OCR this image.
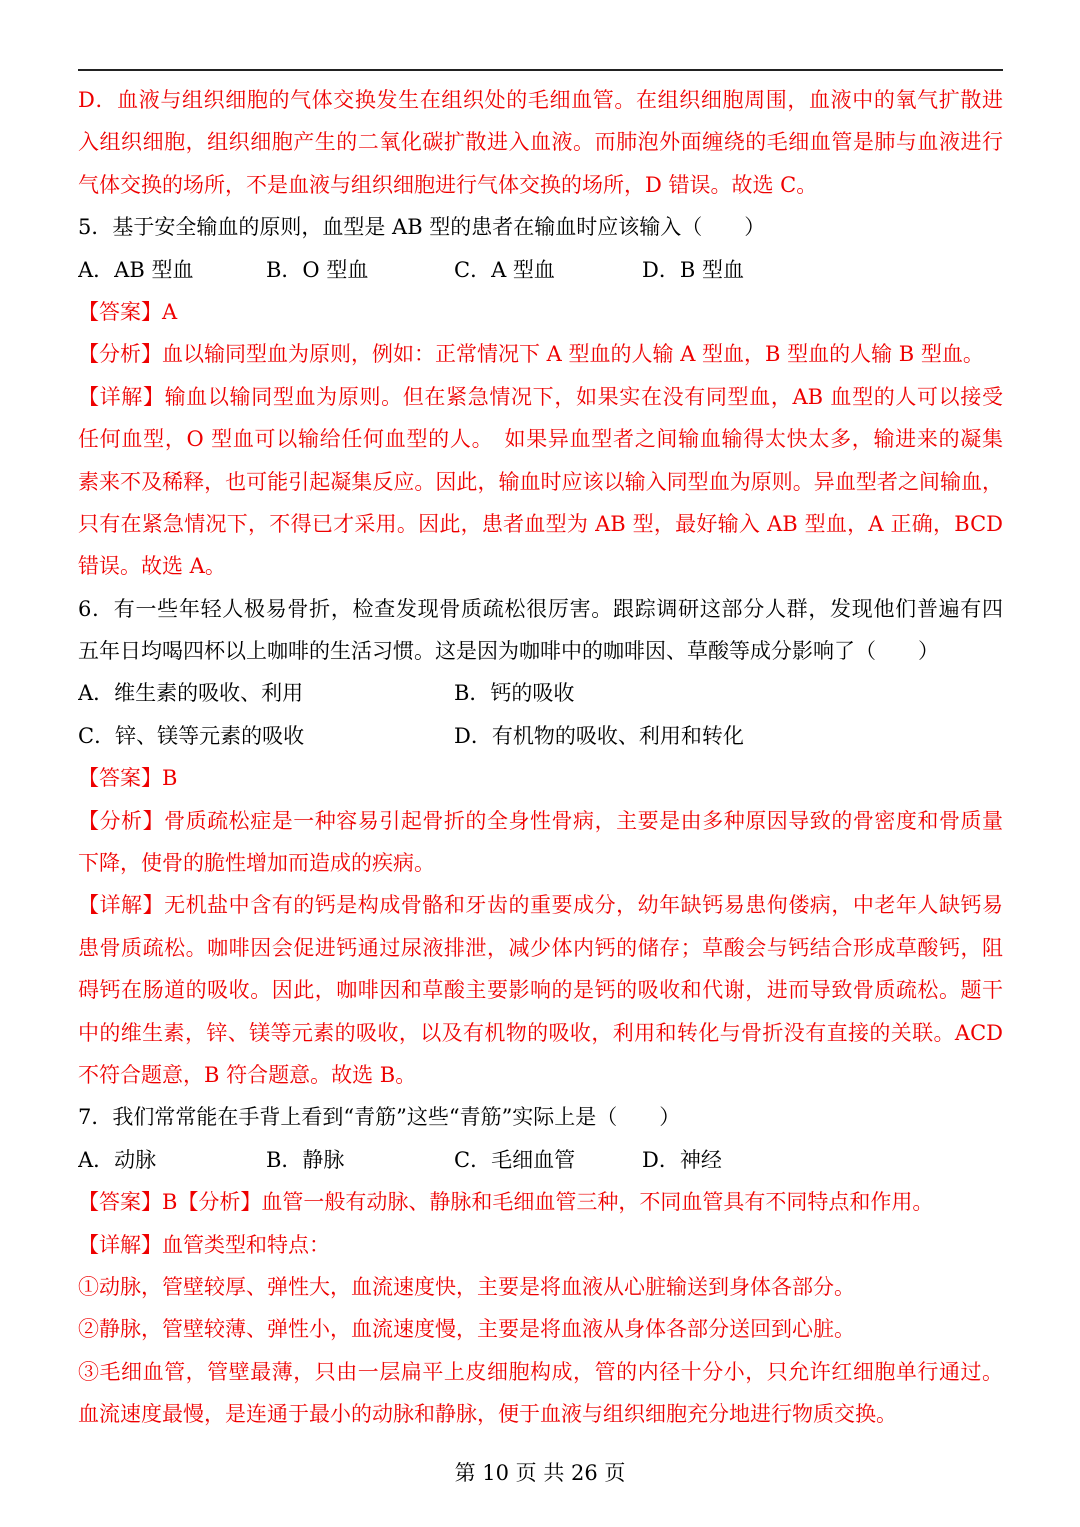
D．血液与组织细胞的气体交换发生在组织处的毛细血管。在组织细胞周围，血液中的氧气扩散进
入组织细胞，组织细胞产生的二氧化碳扩散进入血液。而肺泡外面缠绕的毛细血管是肺与血液进行
气体交换的场所，不是血液与组织细胞进行气体交换的场所，D 错误。故选 C。
5．基于安全输血的原则，血型是 AB 型的患者在输血时应该输入（　　）
A．AB 型血	B．O 型血	C．A 型血	D．B 型血
【答案】A
【分析】血以输同型血为原则，例如：正常情况下 A 型血的人输 A 型血，B 型血的人输 B 型血。
【详解】输血以输同型血为原则。但在紧急情况下，如果实在没有同型血，AB 血型的人可以接受
任何血型，O 型血可以输给任何血型的人。　如果异血型者之间输血输得太快太多，输进来的凝集
素来不及稀释，也可能引起凝集反应。因此，输血时应该以输入同型血为原则。异血型者之间输血，
只有在紧急情况下，不得已才采用。因此，患者血型为 AB 型，最好输入 AB 型血，A 正确，BCD
错误。故选 A。
6．有一些年轻人极易骨折，检查发现骨质疏松很厉害。跟踪调研这部分人群，发现他们普遍有四
五年日均喝四杯以上咖啡的生活习惯。这是因为咖啡中的咖啡因、草酸等成分影响了（　　）
A．维生素的吸收、利用	B．钙的吸收
C．锌、镁等元素的吸收	D．有机物的吸收、利用和转化
【答案】B
【分析】骨质疏松症是一种容易引起骨折的全身性骨病，主要是由多种原因导致的骨密度和骨质量
下降，使骨的脆性增加而造成的疾病。
【详解】无机盐中含有的钙是构成骨骼和牙齿的重要成分，幼年缺钙易患佝偻病，中老年人缺钙易
患骨质疏松。咖啡因会促进钙通过尿液排泄，减少体内钙的储存；草酸会与钙结合形成草酸钙，阻
碍钙在肠道的吸收。因此，咖啡因和草酸主要影响的是钙的吸收和代谢，进而导致骨质疏松。题干
中的维生素，锌、镁等元素的吸收，以及有机物的吸收，利用和转化与骨折没有直接的关联。ACD
不符合题意，B 符合题意。故选 B。
7．我们常常能在手背上看到“青筋”这些“青筋”实际上是（　　）
A．动脉	B．静脉	C．毛细血管	D．神经
【答案】B【分析】血管一般有动脉、静脉和毛细血管三种，不同血管具有不同特点和作用。
【详解】血管类型和特点：
①动脉，管壁较厚、弹性大，血流速度快，主要是将血液从心脏输送到身体各部分。
②静脉，管壁较薄、弹性小，血流速度慢，主要是将血液从身体各部分送回到心脏。
③毛细血管，管壁最薄，只由一层扁平上皮细胞构成，管的内径十分小，只允许红细胞单行通过。
血流速度最慢，是连通于最小的动脉和静脉，便于血液与组织细胞充分地进行物质交换。
第 10 页 共 26 页
